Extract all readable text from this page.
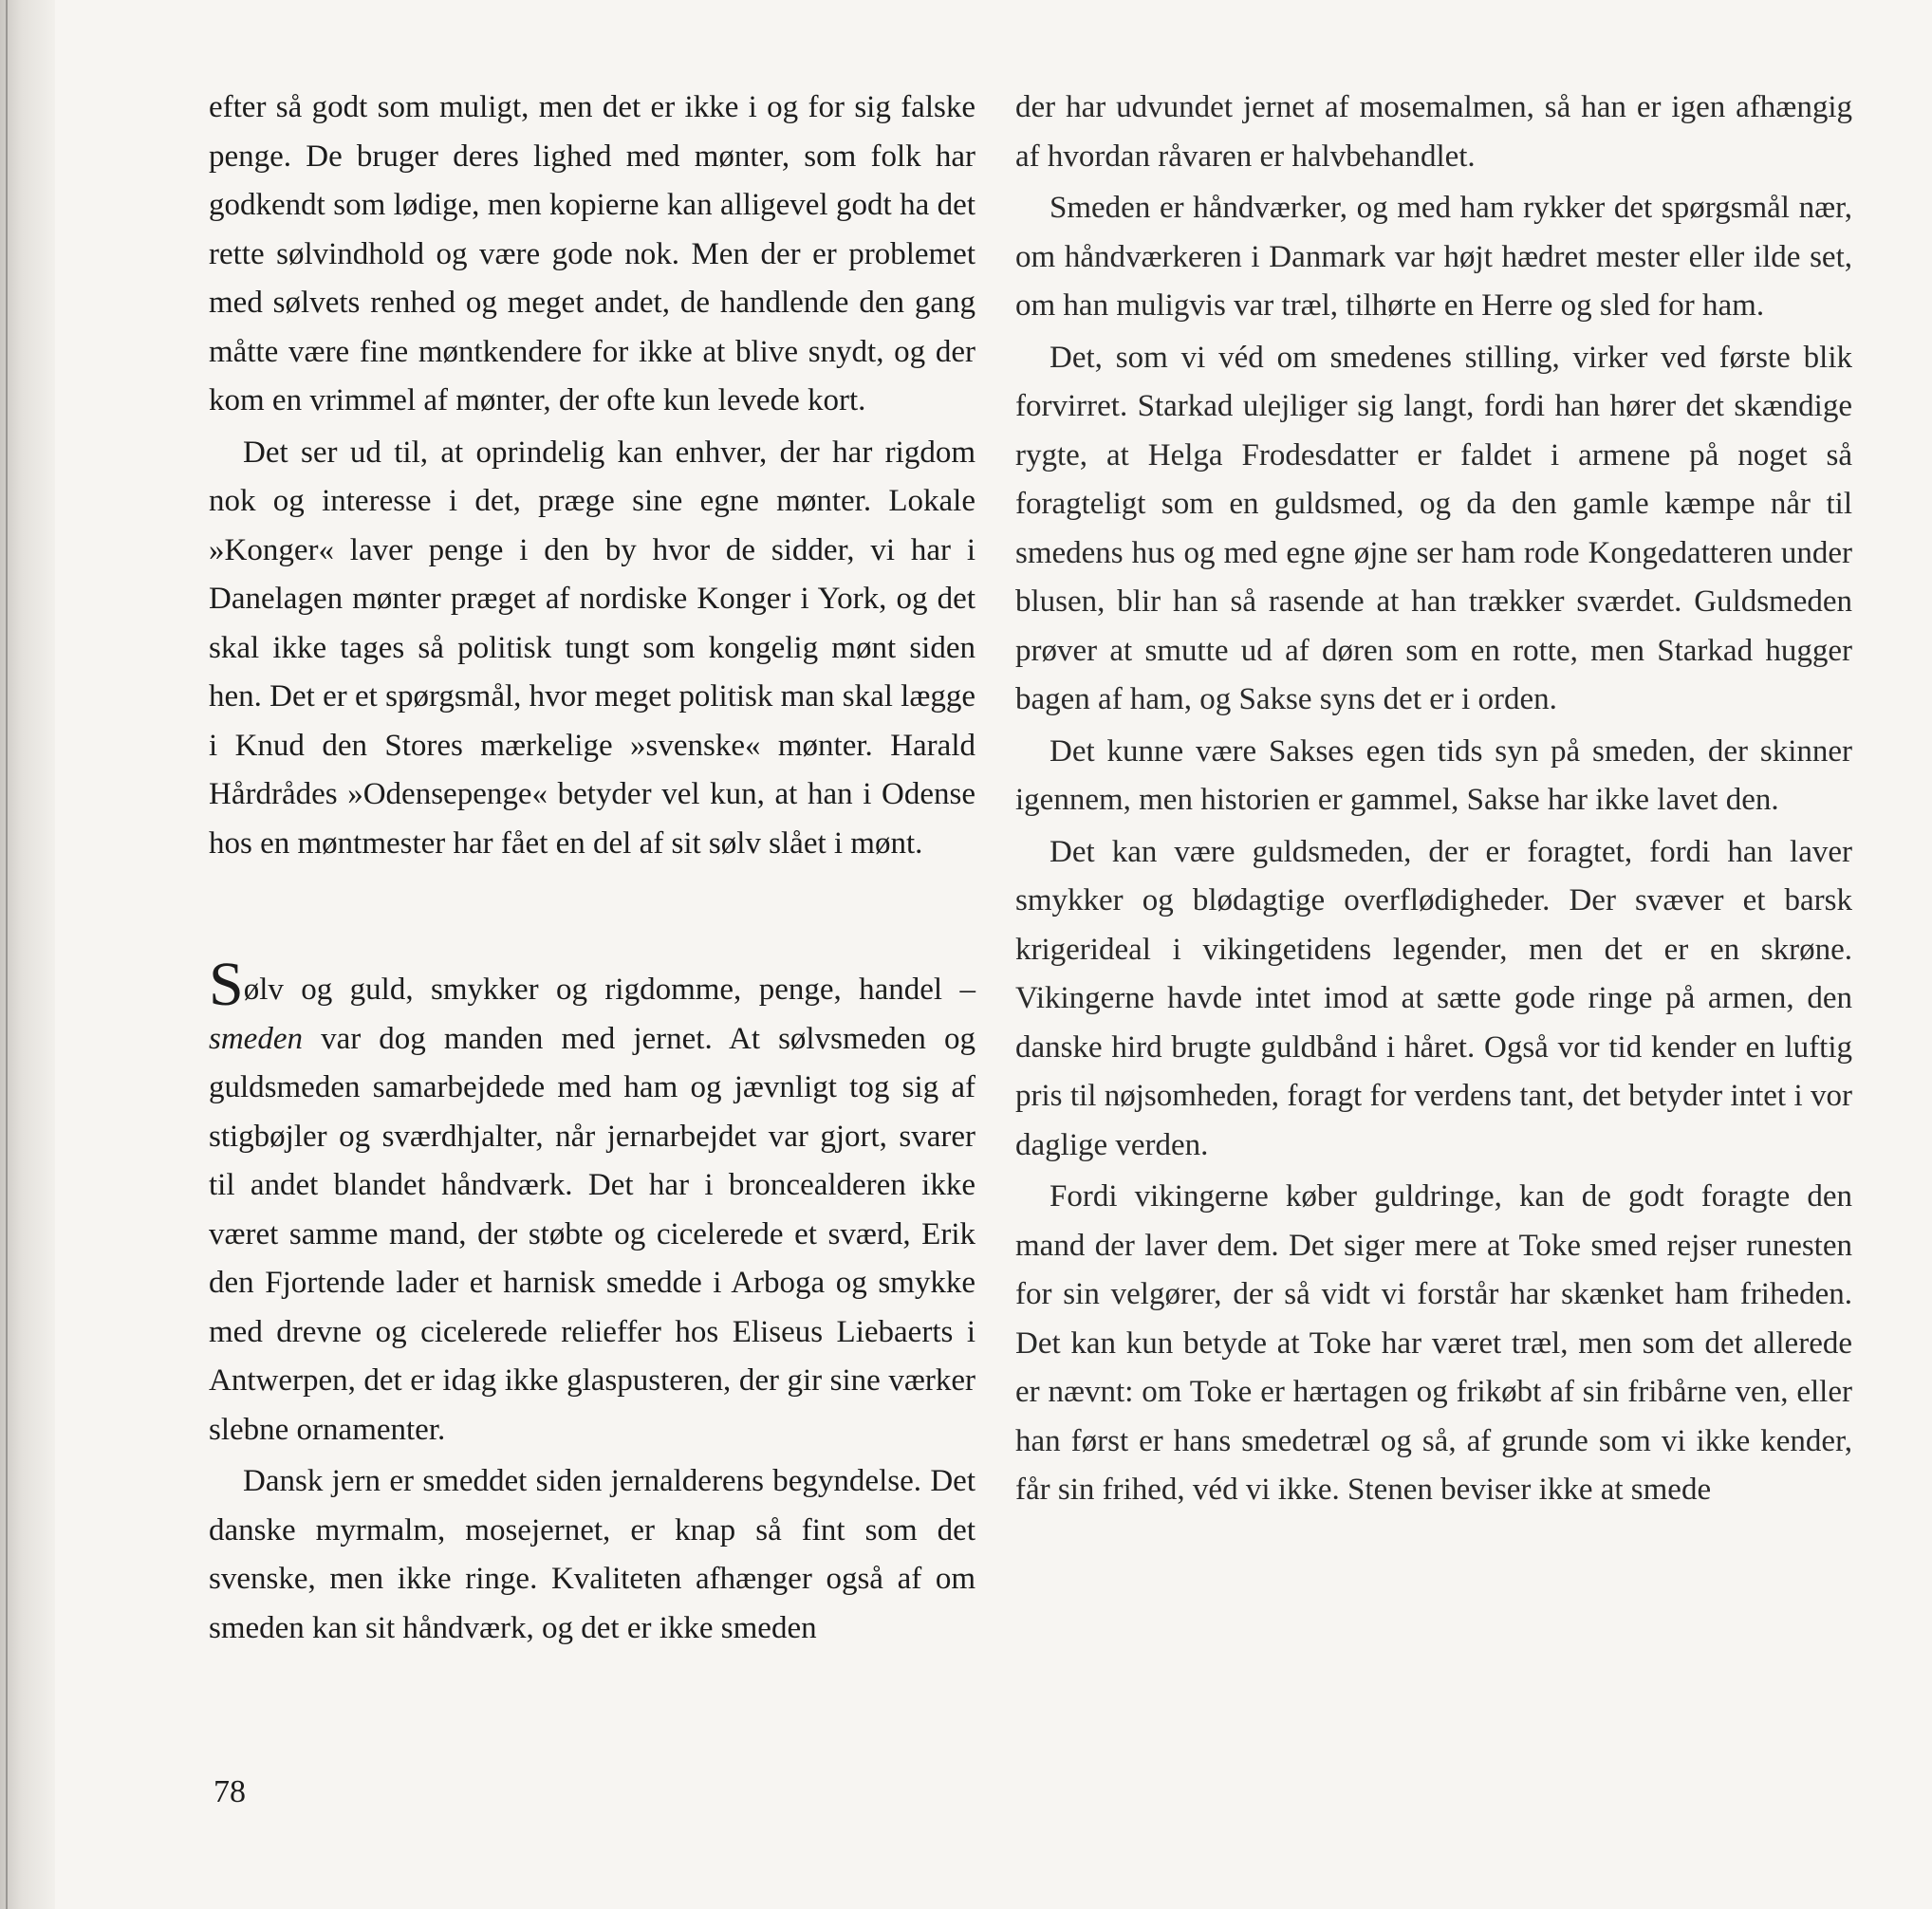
efter så godt som muligt, men det er ikke i og for sig falske penge. De bruger deres lighed med mønter, som folk har godkendt som lødige, men kopierne kan alligevel godt ha det rette sølvindhold og være gode nok. Men der er problemet med sølvets renhed og meget andet, de handlende den gang måtte være fine møntkendere for ikke at blive snydt, og der kom en vrimmel af mønter, der ofte kun levede kort.

Det ser ud til, at oprindelig kan enhver, der har rigdom nok og interesse i det, præge sine egne mønter. Lokale »Konger« laver penge i den by hvor de sidder, vi har i Danelagen mønter præget af nordiske Konger i York, og det skal ikke tages så politisk tungt som kongelig mønt siden hen. Det er et spørgsmål, hvor meget politisk man skal lægge i Knud den Stores mærkelige »svenske« mønter. Harald Hårdrådes »Odensepenge« betyder vel kun, at han i Odense hos en møntmester har fået en del af sit sølv slået i mønt.

Sølv og guld, smykker og rigdomme, penge, handel – smeden var dog manden med jernet. At sølvsmeden og guldsmeden samarbejdede med ham og jævnligt tog sig af stigbøjler og sværdhjalter, når jernarbejdet var gjort, svarer til andet blandet håndværk. Det har i broncealderen ikke været samme mand, der støbte og cicelerede et sværd, Erik den Fjortende lader et harnisk smedde i Arboga og smykke med drevne og cicelerede relieffer hos Eliseus Liebaerts i Antwerpen, det er idag ikke glaspusteren, der gir sine værker slebne ornamenter.

Dansk jern er smeddet siden jernalderens begyndelse. Det danske myrmalm, mosejernet, er knap så fint som det svenske, men ikke ringe. Kvaliteten afhænger også af om smeden kan sit håndværk, og det er ikke smeden

der har udvundet jernet af mosemalmen, så han er igen afhængig af hvordan råvaren er halvbehandlet.

Smeden er håndværker, og med ham rykker det spørgsmål nær, om håndværkeren i Danmark var højt hædret mester eller ilde set, om han muligvis var træl, tilhørte en Herre og sled for ham.

Det, som vi véd om smedenes stilling, virker ved første blik forvirret. Starkad ulejliger sig langt, fordi han hører det skændige rygte, at Helga Frodesdatter er faldet i armene på noget så foragteligt som en guldsmed, og da den gamle kæmpe når til smedens hus og med egne øjne ser ham rode Kongedatteren under blusen, blir han så rasende at han trækker sværdet. Guldsmeden prøver at smutte ud af døren som en rotte, men Starkad hugger bagen af ham, og Sakse syns det er i orden.

Det kunne være Sakses egen tids syn på smeden, der skinner igennem, men historien er gammel, Sakse har ikke lavet den.

Det kan være guldsmeden, der er foragtet, fordi han laver smykker og blødagtige overflødigheder. Der svæver et barsk krigerideal i vikingetidens legender, men det er en skrøne. Vikingerne havde intet imod at sætte gode ringe på armen, den danske hird brugte guldbånd i håret. Også vor tid kender en luftig pris til nøjsomheden, foragt for verdens tant, det betyder intet i vor daglige verden.

Fordi vikingerne køber guldringe, kan de godt foragte den mand der laver dem. Det siger mere at Toke smed rejser runesten for sin velgører, der så vidt vi forstår har skænket ham friheden. Det kan kun betyde at Toke har været træl, men som det allerede er nævnt: om Toke er hærtagen og frikøbt af sin fribårne ven, eller han først er hans smedetræl og så, af grunde som vi ikke kender, får sin frihed, véd vi ikke. Stenen beviser ikke at smede

78
